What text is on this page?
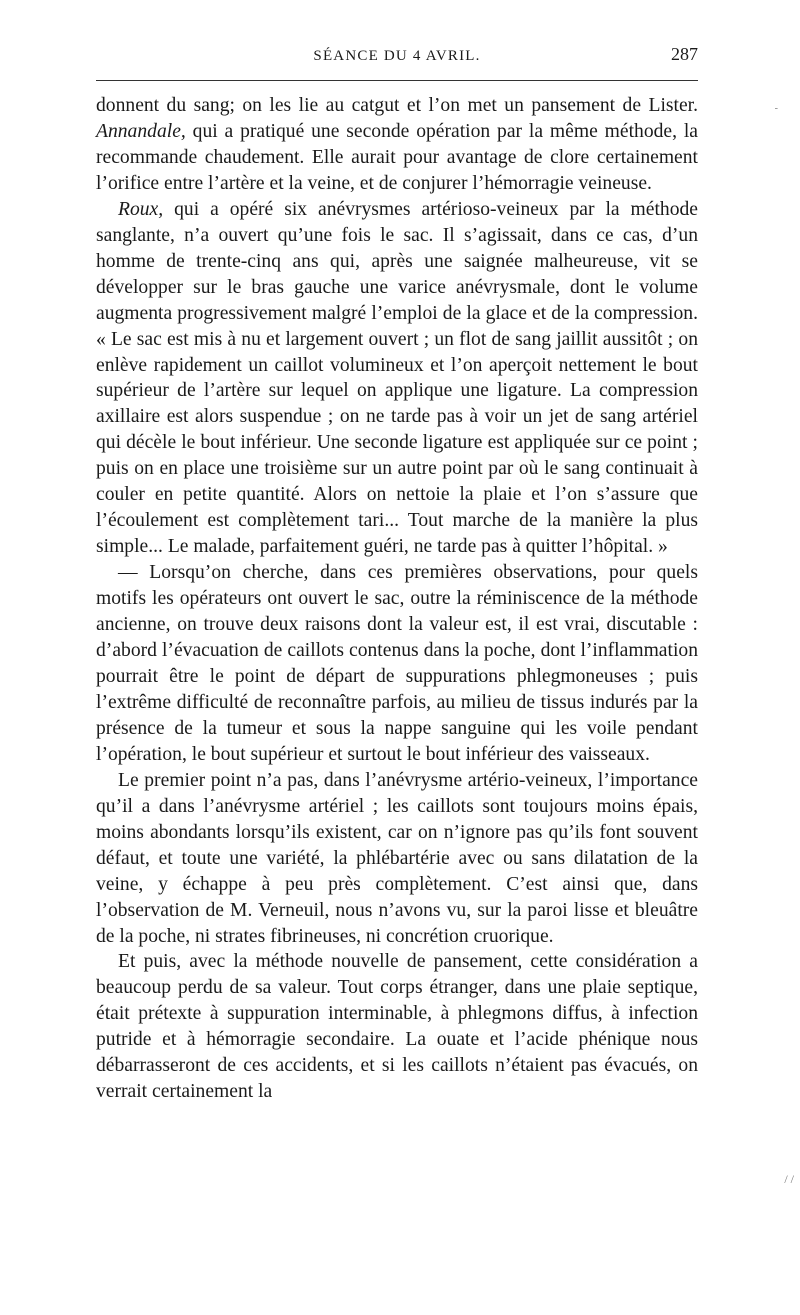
SÉANCE DU 4 AVRIL.	287

donnent du sang; on les lie au catgut et l’on met un pansement de Lister. Annandale, qui a pratiqué une seconde opération par la même méthode, la recommande chaudement. Elle aurait pour avantage de clore certainement l’orifice entre l’artère et la veine, et de conjurer l’hémorragie veineuse.

Roux, qui a opéré six anévrysmes artérioso-veineux par la méthode sanglante, n’a ouvert qu’une fois le sac. Il s’agissait, dans ce cas, d’un homme de trente-cinq ans qui, après une saignée malheureuse, vit se développer sur le bras gauche une varice anévrysmale, dont le volume augmenta progressivement malgré l’emploi de la glace et de la compression. « Le sac est mis à nu et largement ouvert ; un flot de sang jaillit aussitôt ; on enlève rapidement un caillot volumineux et l’on aperçoit nettement le bout supérieur de l’artère sur lequel on applique une ligature. La compression axillaire est alors suspendue ; on ne tarde pas à voir un jet de sang artériel qui décèle le bout inférieur. Une seconde ligature est appliquée sur ce point ; puis on en place une troisième sur un autre point par où le sang continuait à couler en petite quantité. Alors on nettoie la plaie et l’on s’assure que l’écoulement est complètement tari... Tout marche de la manière la plus simple... Le malade, parfaitement guéri, ne tarde pas à quitter l’hôpital. »

— Lorsqu’on cherche, dans ces premières observations, pour quels motifs les opérateurs ont ouvert le sac, outre la réminiscence de la méthode ancienne, on trouve deux raisons dont la valeur est, il est vrai, discutable : d’abord l’évacuation de caillots contenus dans la poche, dont l’inflammation pourrait être le point de départ de suppurations phlegmoneuses ; puis l’extrême difficulté de reconnaître parfois, au milieu de tissus indurés par la présence de la tumeur et sous la nappe sanguine qui les voile pendant l’opération, le bout supérieur et surtout le bout inférieur des vaisseaux.

Le premier point n’a pas, dans l’anévrysme artério-veineux, l’importance qu’il a dans l’anévrysme artériel ; les caillots sont toujours moins épais, moins abondants lorsqu’ils existent, car on n’ignore pas qu’ils font souvent défaut, et toute une variété, la phlébartérie avec ou sans dilatation de la veine, y échappe à peu près complètement. C’est ainsi que, dans l’observation de M. Verneuil, nous n’avons vu, sur la paroi lisse et bleuâtre de la poche, ni strates fibrineuses, ni concrétion cruorique.

Et puis, avec la méthode nouvelle de pansement, cette considération a beaucoup perdu de sa valeur. Tout corps étranger, dans une plaie septique, était prétexte à suppuration interminable, à phlegmons diffus, à infection putride et à hémorragie secondaire. La ouate et l’acide phénique nous débarrasseront de ces accidents, et si les caillots n’étaient pas évacués, on verrait certainement la

-
/ /
